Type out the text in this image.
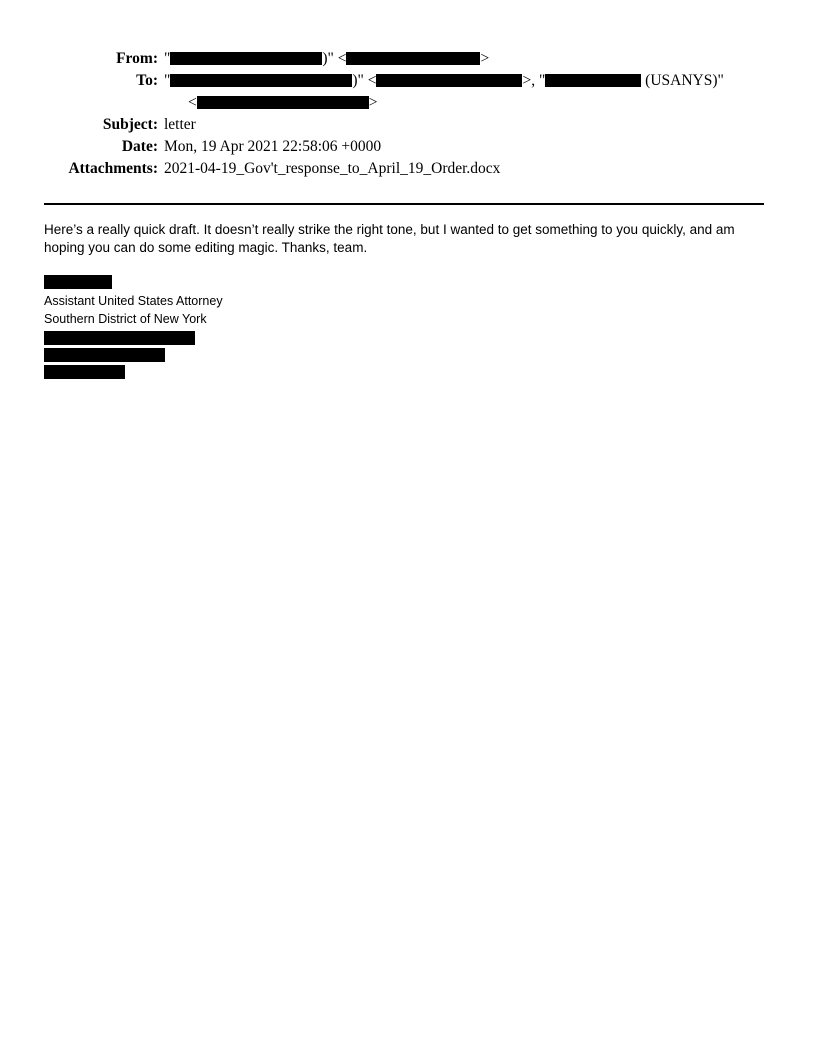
From: "	)" <	>
To: "	)" <	>, "	(USANYS)"
<	>
Subject: letter
Date: Mon, 19 Apr 2021 22:58:06 +0000
Attachments: 2021-04-19_Gov't_response_to_April_19_Order.docx
Here’s a really quick draft. It doesn’t really strike the right tone, but I wanted to get something to you quickly, and am hoping you can do some editing magic. Thanks, team.
Assistant United States Attorney
Southern District of New York
